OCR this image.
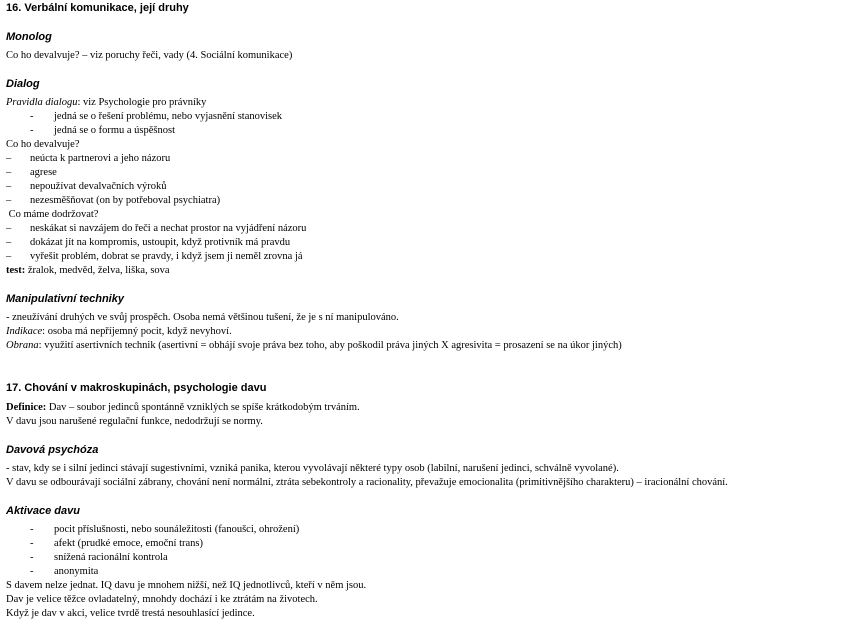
16. Verbální komunikace, její druhy
Monolog
Co ho devalvuje? – viz poruchy řeči, vady (4. Sociální komunikace)
Dialog
Pravidla dialogu: viz Psychologie pro právníky
- jedná se o řešení problému, nebo vyjasnění stanovisek
- jedná se o formu a úspěšnost
Co ho devalvuje?
– neúcta k partnerovi a jeho názoru
– agrese
– nepoužívat devalvačních výroků
– nezesměšňovat (on by potřeboval psychiatra)
Co máme dodržovat?
– neskákat si navzájem do řeči a nechat prostor na vyjádření názoru
– dokázat jít na kompromis, ustoupit, když protivník má pravdu
– vyřešit problém, dobrat se pravdy, i když jsem ji neměl zrovna já
test: žralok, medvěd, želva, liška, sova
Manipulativní techniky
- zneužívání druhých ve svůj prospěch. Osoba nemá většinou tušení, že je s ní manipulováno.
Indikace: osoba má nepříjemný pocit, když nevyhoví.
Obrana: využití asertivních technik (asertivní = obhájí svoje práva bez toho, aby poškodil práva jiných X agresivita = prosazení se na úkor jiných)
17. Chování v makroskupinách, psychologie davu
Definice: Dav – soubor jedinců spontánně vzniklých se spíše krátkodobým trváním.
V davu jsou narušené regulační funkce, nedodržují se normy.
Davová psychóza
- stav, kdy se i silní jedinci stávají sugestivními, vzniká panika, kterou vyvolávají některé typy osob (labilní, narušení jedinci, schválně vyvolané).
V davu se odbourávají sociální zábrany, chování není normální, ztráta sebekontroly a racionality, převažuje emocionalita (primitivnějšího charakteru) – iracionální chování.
Aktivace davu
- pocit příslušnosti, nebo sounáležitosti (fanoušci, ohrožení)
- afekt (prudké emoce, emoční trans)
- snížená racionální kontrola
- anonymita
S davem nelze jednat. IQ davu je mnohem nižší, než IQ jednotlivců, kteří v něm jsou.
Dav je velice těžce ovladatelný, mnohdy dochází i ke ztrátám na životech.
Když je dav v akci, velice tvrdě trestá nesouhlasící jedince.
